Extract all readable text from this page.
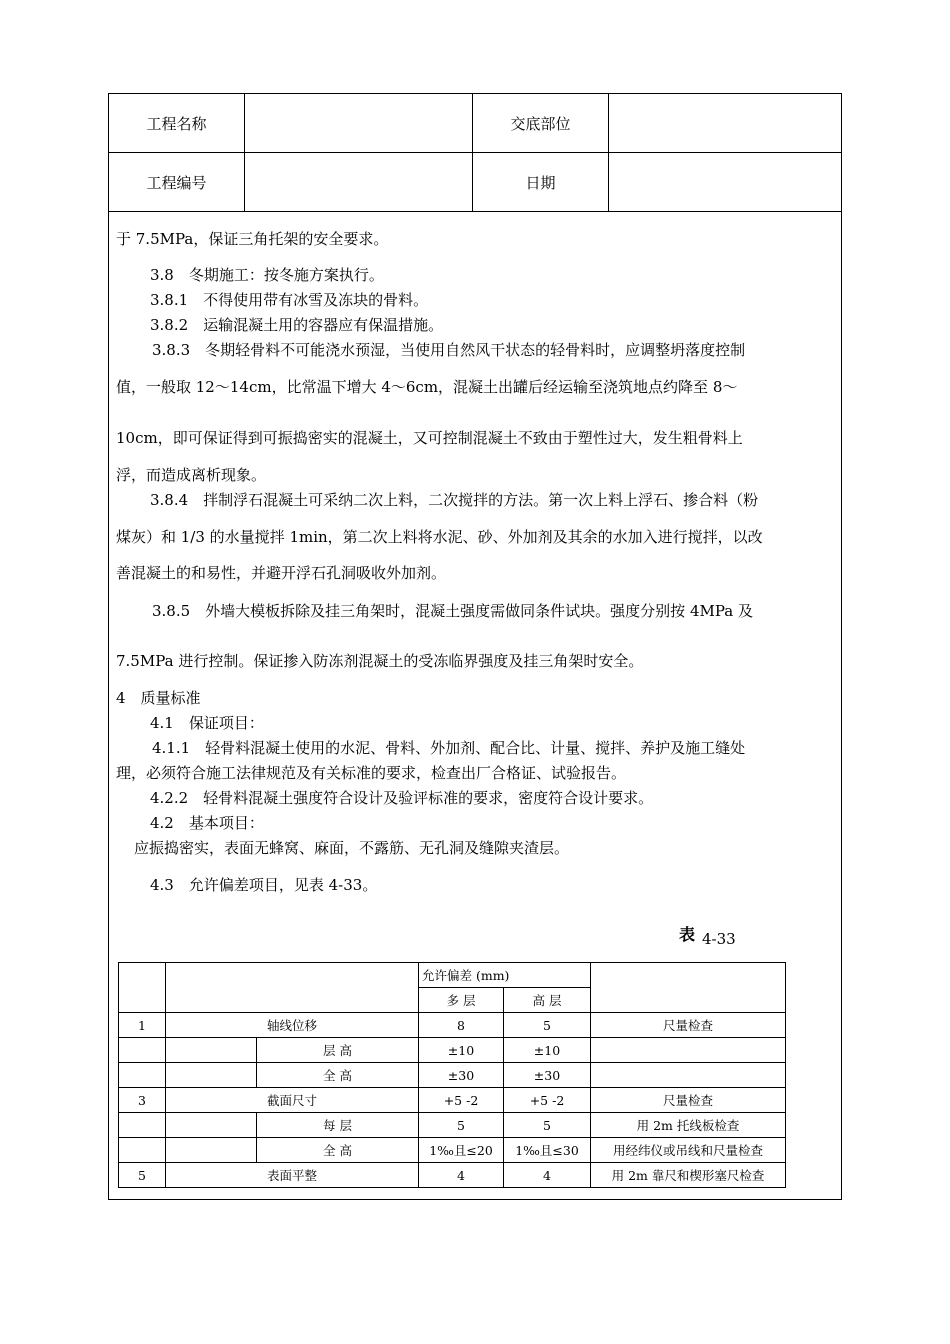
工程名称		交底部位	
工程编号		日期	
于 7.5MPa，保证三角托架的安全要求。
3.8　冬期施工：按冬施方案执行。
3.8.1　不得使用带有冰雪及冻块的骨料。
3.8.2　运输混凝土用的容器应有保温措施。
3.8.3　冬期轻骨料不可能浇水预湿，当使用自然风干状态的轻骨料时，应调整坍落度控制
值，一般取 12～14cm，比常温下增大 4～6cm，混凝土出罐后经运输至浇筑地点约降至 8～
10cm，即可保证得到可振捣密实的混凝土，又可控制混凝土不致由于塑性过大，发生粗骨料上
浮，而造成离析现象。
3.8.4　拌制浮石混凝土可采纳二次上料，二次搅拌的方法。第一次上料上浮石、掺合料（粉
煤灰）和 1/3 的水量搅拌 1min，第二次上料将水泥、砂、外加剂及其余的水加入进行搅拌，以改
善混凝土的和易性，并避开浮石孔洞吸收外加剂。
3.8.5　外墙大模板拆除及挂三角架时，混凝土强度需做同条件试块。强度分别按 4MPa 及
7.5MPa 进行控制。保证掺入防冻剂混凝土的受冻临界强度及挂三角架时安全。
4　质量标准
4.1　保证项目：
4.1.1　轻骨料混凝土使用的水泥、骨料、外加剂、配合比、计量、搅拌、养护及施工缝处
理，必须符合施工法律规范及有关标准的要求，检查出厂合格证、试验报告。
4.2.2　轻骨料混凝土强度符合设计及验评标准的要求，密度符合设计要求。
4.2　基本项目：
应振捣密实，表面无蜂窝、麻面，不露筋、无孔洞及缝隙夹渣层。
4.3　允许偏差项目，见表 4-33。
表 4-33
			允许偏差 (mm)		
			多 层	高 层	
1	轴线位移		8	5	尺量检查
		层 高	±10	±10	
		全 高	±30	±30	
3	截面尺寸		+5 -2	+5 -2	尺量检查
		每 层	5	5	用 2m 托线板检查
		全 高	1‰且≤20	1‰且≤30	用经纬仪或吊线和尺量检查
5	表面平整		4	4	用 2m 靠尺和楔形塞尺检查
